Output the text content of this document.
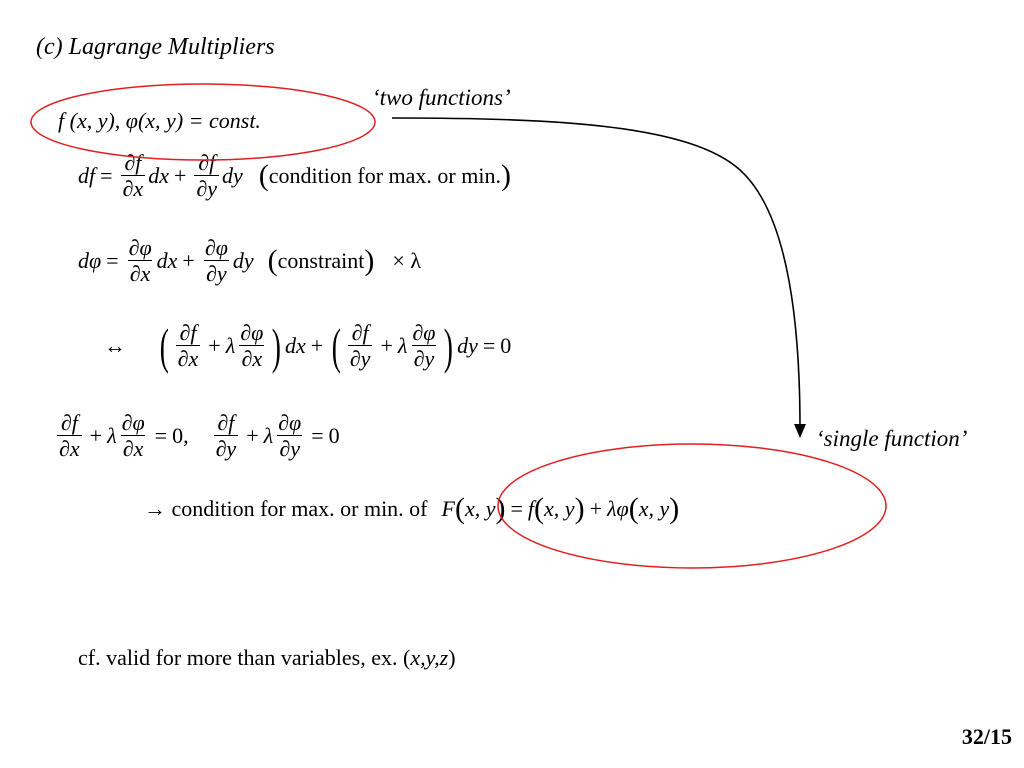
(c) Lagrange Multipliers
‘two functions’
f (x, y), φ(x, y) = const.
df = $\frac{\partial f}{\partial x}$ dx + $\frac{\partial f}{\partial y}$ dy ( condition for max. or min. )
$d\varphi = \frac{\partial\varphi}{\partial x}$ dx + $\frac{\partial\varphi}{\partial y}$ dy ( constraint ) × λ
↔ ( $\frac{\partial f}{\partial x} + \lambda \frac{\partial\varphi}{\partial x}$ ) dx + ( $\frac{\partial f}{\partial y} + \lambda \frac{\partial\varphi}{\partial y}$ ) dy = 0
$\frac{\partial f}{\partial x} + \lambda \frac{\partial\varphi}{\partial x} = 0$, $\frac{\partial f}{\partial y} + \lambda \frac{\partial\varphi}{\partial y} = 0$	‘single function’
→ condition for max. or min. of F ( x, y ) = f ( x, y ) + λφ ( x, y )
cf. valid for more than variables, ex. (x,y,z)
32/15
